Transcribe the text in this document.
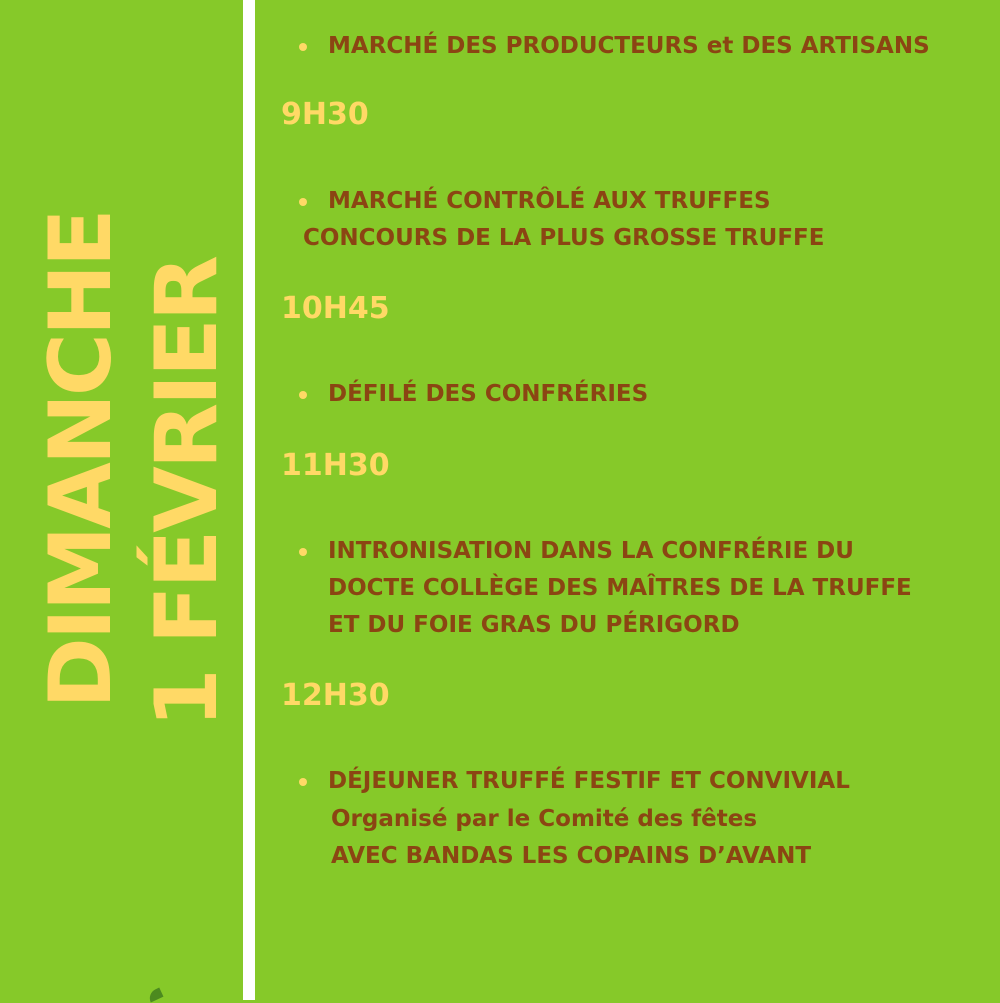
DIMANCHE 1 FÉVRIER
MARCHÉ DES PRODUCTEURS et DES ARTISANS
9H30
MARCHÉ CONTRÔLÉ AUX TRUFFES
CONCOURS DE LA PLUS GROSSE TRUFFE
10H45
DÉFILÉ DES CONFRÉRIES
11H30
INTRONISATION DANS LA CONFRÉRIE DU
DOCTE COLLÈGE DES MAÎTRES DE LA TRUFFE
ET DU FOIE GRAS DU PÉRIGORD
12H30
DÉJEUNER TRUFFÉ FESTIF ET CONVIVIAL
Organisé par le Comité des fêtes
AVEC BANDAS LES COPAINS D’AVANT
